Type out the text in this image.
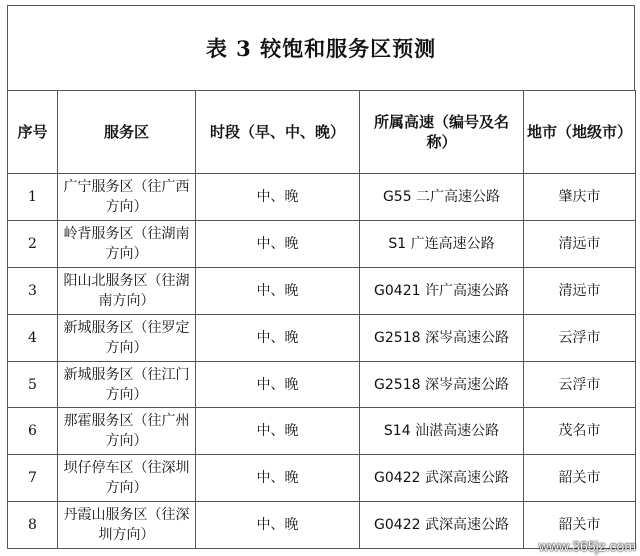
表 3 较饱和服务区预测
序号	服务区	时段（早、中、晚）	所属高速（编号及名称）	地市（地级市）
1	广宁服务区（往广西方向）	中、晚	G55 二广高速公路	肇庆市
2	岭背服务区（往湖南方向）	中、晚	S1 广连高速公路	清远市
3	阳山北服务区（往湖南方向）	中、晚	G0421 许广高速公路	清远市
4	新城服务区（往罗定方向）	中、晚	G2518 深岑高速公路	云浮市
5	新城服务区（往江门方向）	中、晚	G2518 深岑高速公路	云浮市
6	那霍服务区（往广州方向）	中、晚	S14 汕湛高速公路	茂名市
7	坝仔停车区（往深圳方向）	中、晚	G0422 武深高速公路	韶关市
8	丹霞山服务区（往深圳方向）	中、晚	G0422 武深高速公路	韶关市
www.365jz.com
